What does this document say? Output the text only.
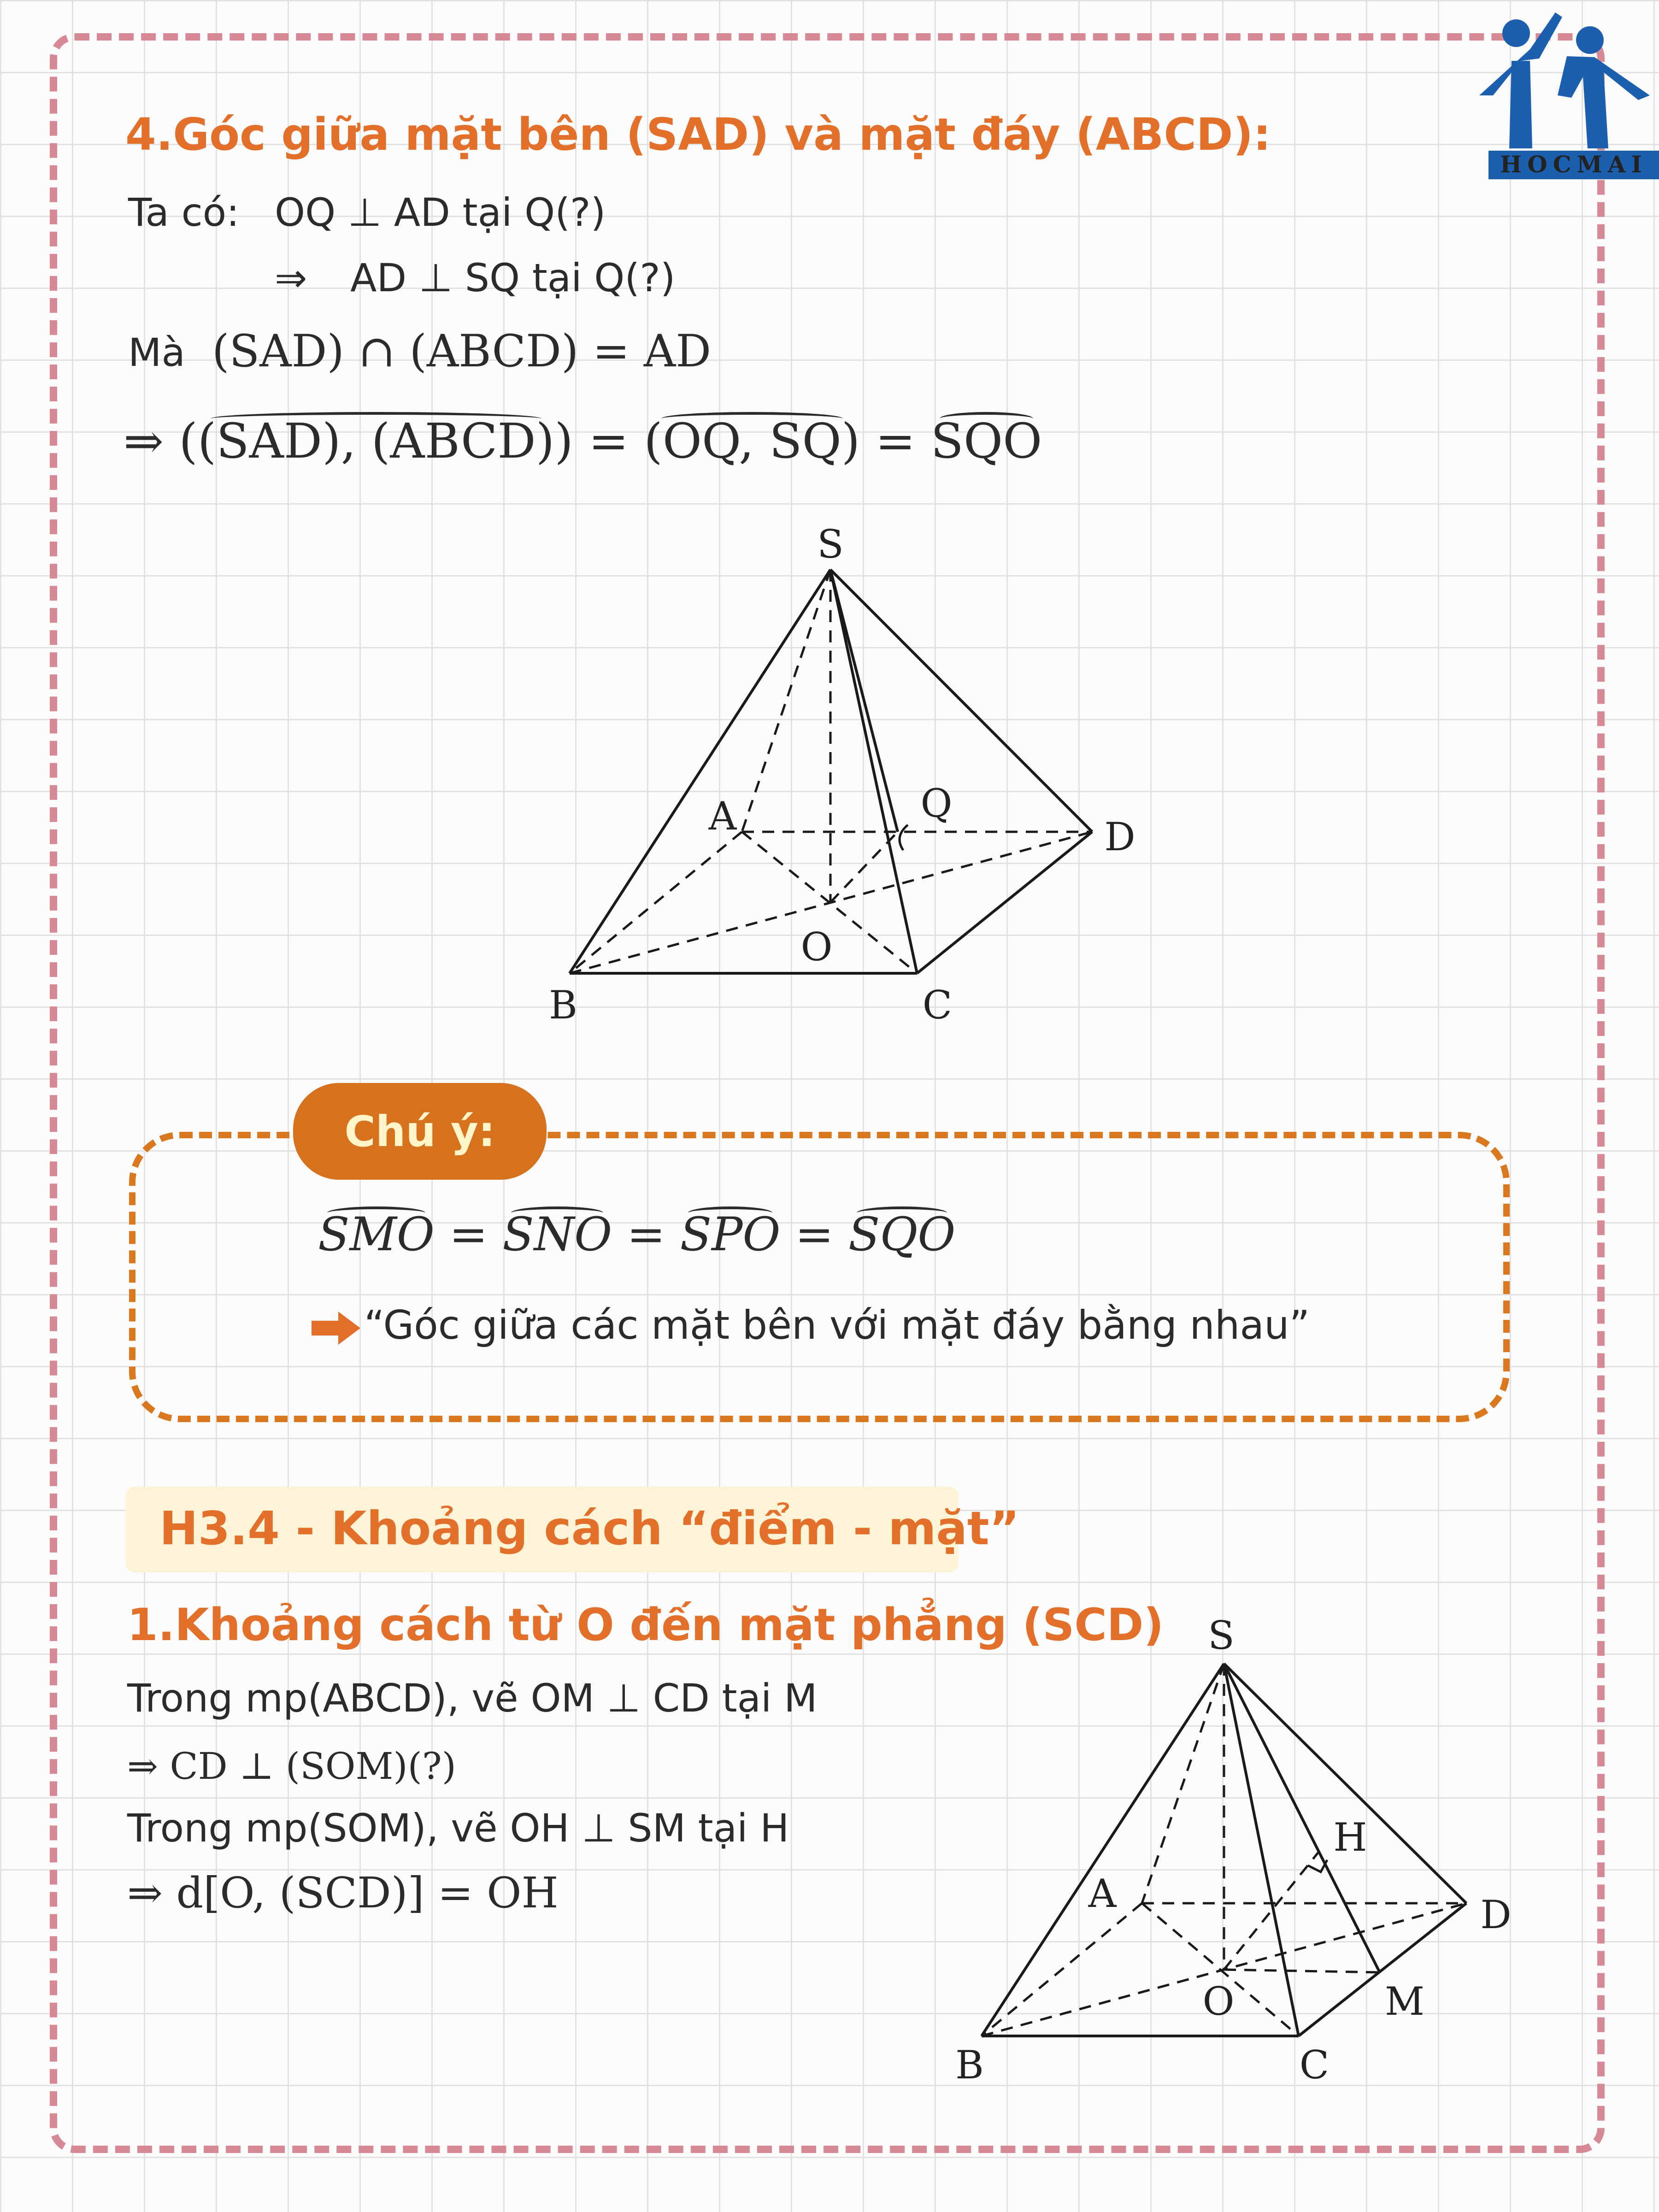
HOCMAI
4.Góc giữa mặt bên (SAD) và mặt đáy (ABCD):
Ta có: OQ ⊥ AD tại Q(?)
⇒ AD ⊥ SQ tại Q(?)
Mà (SAD) ∩ (ABCD) = AD
⇒ ((SAD), (ABCD)) = (OQ, SQ) = SQO
S
A
B	C
D
O
Q
Chú ý:
SMO = SNO = SPO = SQO
“Góc giữa các mặt bên với mặt đáy bằng nhau”
H3.4 - Khoảng cách “điểm - mặt”
1.Khoảng cách từ O đến mặt phẳng (SCD)
Trong mp(ABCD), vẽ OM ⊥ CD tại M
⇒ CD ⊥ (SOM)(?)
Trong mp(SOM), vẽ OH ⊥ SM tại H
⇒ d[O, (SCD)] = OH
S
A
B	C
D
O
H
M
